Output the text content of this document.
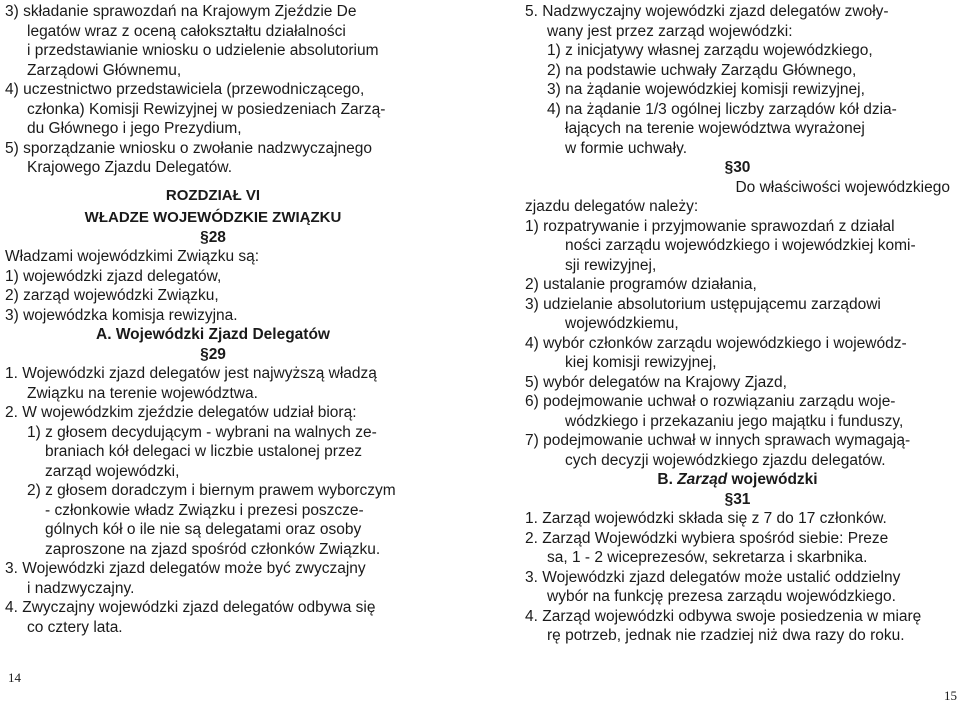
3) składanie sprawozdań na Krajowym Zjeździe De

legatów wraz z oceną całokształtu działalności

i przedstawianie wniosku o udzielenie absolutorium

Zarządowi Głównemu,

4) uczestnictwo przedstawiciela (przewodniczącego,

członka) Komisji Rewizyjnej w posiedzeniach Zarzą-

du Głównego i jego Prezydium,

5) sporządzanie wniosku o zwołanie nadzwyczajnego

Krajowego Zjazdu Delegatów.

ROZDZIAŁ VI

WŁADZE WOJEWÓDZKIE ZWIĄZKU

§28

Władzami wojewódzkimi Związku są:

1) wojewódzki zjazd delegatów,

2) zarząd wojewódzki Związku,

3) wojewódzka komisja rewizyjna.

A. Wojewódzki Zjazd Delegatów

§29

1. Wojewódzki zjazd delegatów jest najwyższą władzą

Związku na terenie województwa.

2. W wojewódzkim zjeździe delegatów udział biorą:

1) z głosem decydującym - wybrani na walnych ze-

braniach kół delegaci w liczbie ustalonej przez

zarząd wojewódzki,

2) z głosem doradczym i biernym prawem wyborczym

- członkowie władz Związku i prezesi poszcze-

gólnych kół o ile nie są delegatami oraz osoby

zaproszone na zjazd spośród członków Związku.

3. Wojewódzki zjazd delegatów może być zwyczajny

i nadzwyczajny.

4. Zwyczajny wojewódzki zjazd delegatów odbywa się

co cztery lata.

5. Nadzwyczajny wojewódzki zjazd delegatów zwoły-

wany jest przez zarząd wojewódzki:

1) z inicjatywy własnej zarządu wojewódzkiego,

2) na podstawie uchwały Zarządu Głównego,

3) na żądanie wojewódzkiej komisji rewizyjnej,

4) na żądanie 1/3 ogólnej liczby zarządów kół dzia-

łających na terenie województwa wyrażonej

w formie uchwały.

§30

Do właściwości wojewódzkiego

zjazdu delegatów należy:

1) rozpatrywanie i przyjmowanie sprawozdań z działal

ności zarządu wojewódzkiego i wojewódzkiej komi-

sji rewizyjnej,

2) ustalanie programów działania,

3) udzielanie absolutorium ustępującemu zarządowi

wojewódzkiemu,

4) wybór członków zarządu wojewódzkiego i wojewódz-

kiej komisji rewizyjnej,

5) wybór delegatów na Krajowy Zjazd,

6) podejmowanie uchwał o rozwiązaniu zarządu woje-

wódzkiego i przekazaniu jego majątku i funduszy,

7) podejmowanie uchwał w innych sprawach wymagają-

cych decyzji wojewódzkiego zjazdu delegatów.

B. Zarząd wojewódzki

§31

1. Zarząd wojewódzki składa się z 7 do 17 członków.

2. Zarząd Wojewódzki wybiera spośród siebie: Preze

sa, 1 - 2 wiceprezesów, sekretarza i skarbnika.

3. Wojewódzki zjazd delegatów może ustalić oddzielny

wybór na funkcję prezesa zarządu wojewódzkiego.

4. Zarząd wojewódzki odbywa swoje posiedzenia w miarę

rę potrzeb, jednak nie rzadziej niż dwa razy do roku.

14
15
